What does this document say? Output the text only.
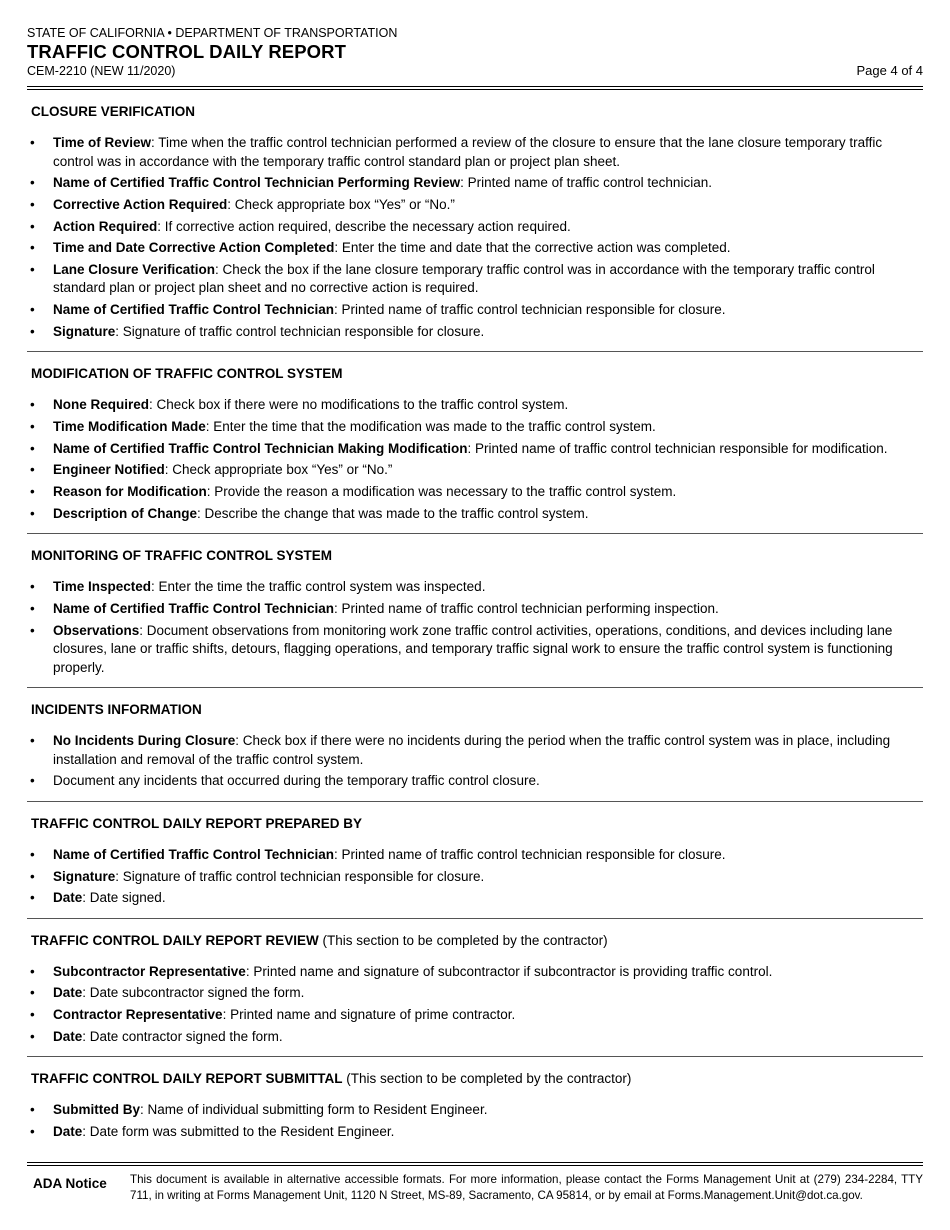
STATE OF CALIFORNIA • DEPARTMENT OF TRANSPORTATION
TRAFFIC CONTROL DAILY REPORT
CEM-2210 (NEW 11/2020)	Page 4 of 4
CLOSURE VERIFICATION
• Time of Review: Time when the traffic control technician performed a review of the closure to ensure that the lane closure temporary traffic control was in accordance with the temporary traffic control standard plan or project plan sheet.
• Name of Certified Traffic Control Technician Performing Review: Printed name of traffic control technician.
• Corrective Action Required: Check appropriate box “Yes” or “No.”
• Action Required: If corrective action required, describe the necessary action required.
• Time and Date Corrective Action Completed: Enter the time and date that the corrective action was completed.
• Lane Closure Verification: Check the box if the lane closure temporary traffic control was in accordance with the temporary traffic control standard plan or project plan sheet and no corrective action is required.
• Name of Certified Traffic Control Technician: Printed name of traffic control technician responsible for closure.
• Signature: Signature of traffic control technician responsible for closure.
MODIFICATION OF TRAFFIC CONTROL SYSTEM
• None Required: Check box if there were no modifications to the traffic control system.
• Time Modification Made: Enter the time that the modification was made to the traffic control system.
• Name of Certified Traffic Control Technician Making Modification: Printed name of traffic control technician responsible for modification.
• Engineer Notified: Check appropriate box “Yes” or “No.”
• Reason for Modification: Provide the reason a modification was necessary to the traffic control system.
• Description of Change: Describe the change that was made to the traffic control system.
MONITORING OF TRAFFIC CONTROL SYSTEM
• Time Inspected: Enter the time the traffic control system was inspected.
• Name of Certified Traffic Control Technician: Printed name of traffic control technician performing inspection.
• Observations: Document observations from monitoring work zone traffic control activities, operations, conditions, and devices including lane closures, lane or traffic shifts, detours, flagging operations, and temporary traffic signal work to ensure the traffic control system is functioning properly.
INCIDENTS INFORMATION
• No Incidents During Closure: Check box if there were no incidents during the period when the traffic control system was in place, including installation and removal of the traffic control system.
• Document any incidents that occurred during the temporary traffic control closure.
TRAFFIC CONTROL DAILY REPORT PREPARED BY
• Name of Certified Traffic Control Technician: Printed name of traffic control technician responsible for closure.
• Signature: Signature of traffic control technician responsible for closure.
• Date: Date signed.
TRAFFIC CONTROL DAILY REPORT REVIEW (This section to be completed by the contractor)
• Subcontractor Representative: Printed name and signature of subcontractor if subcontractor is providing traffic control.
• Date: Date subcontractor signed the form.
• Contractor Representative: Printed name and signature of prime contractor.
• Date: Date contractor signed the form.
TRAFFIC CONTROL DAILY REPORT SUBMITTAL (This section to be completed by the contractor)
• Submitted By: Name of individual submitting form to Resident Engineer.
• Date: Date form was submitted to the Resident Engineer.
ADA Notice	This document is available in alternative accessible formats. For more information, please contact the Forms Management Unit at (279) 234-2284, TTY 711, in writing at Forms Management Unit, 1120 N Street, MS-89, Sacramento, CA 95814, or by email at Forms.Management.Unit@dot.ca.gov.
